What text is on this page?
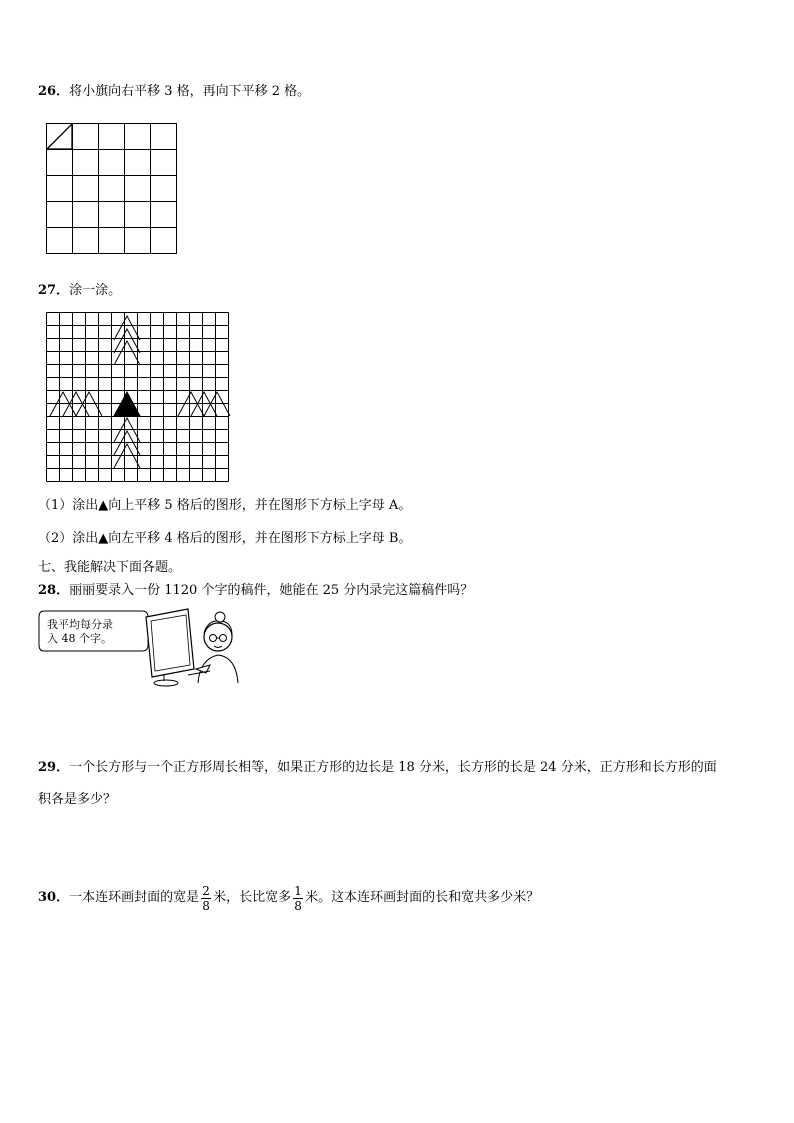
26．将小旗向右平移 3 格，再向下平移 2 格。
27．涂一涂。
（1）涂出▲向上平移 5 格后的图形，并在图形下方标上字母 A。
（2）涂出▲向左平移 4 格后的图形，并在图形下方标上字母 B。
七、我能解决下面各题。
28．丽丽要录入一份 1120 个字的稿件，她能在 25 分内录完这篇稿件吗？
我平均每分录
入 48 个字。
29．一个长方形与一个正方形周长相等，如果正方形的边长是 18 分米，长方形的长是 24 分米，正方形和长方形的面
积各是多少？
30． 一本连环画封面的宽是 $\frac{2}{8}$ 米，长比宽多 $\frac{1}{8}$ 米。这本连环画封面的长和宽共多少米？
